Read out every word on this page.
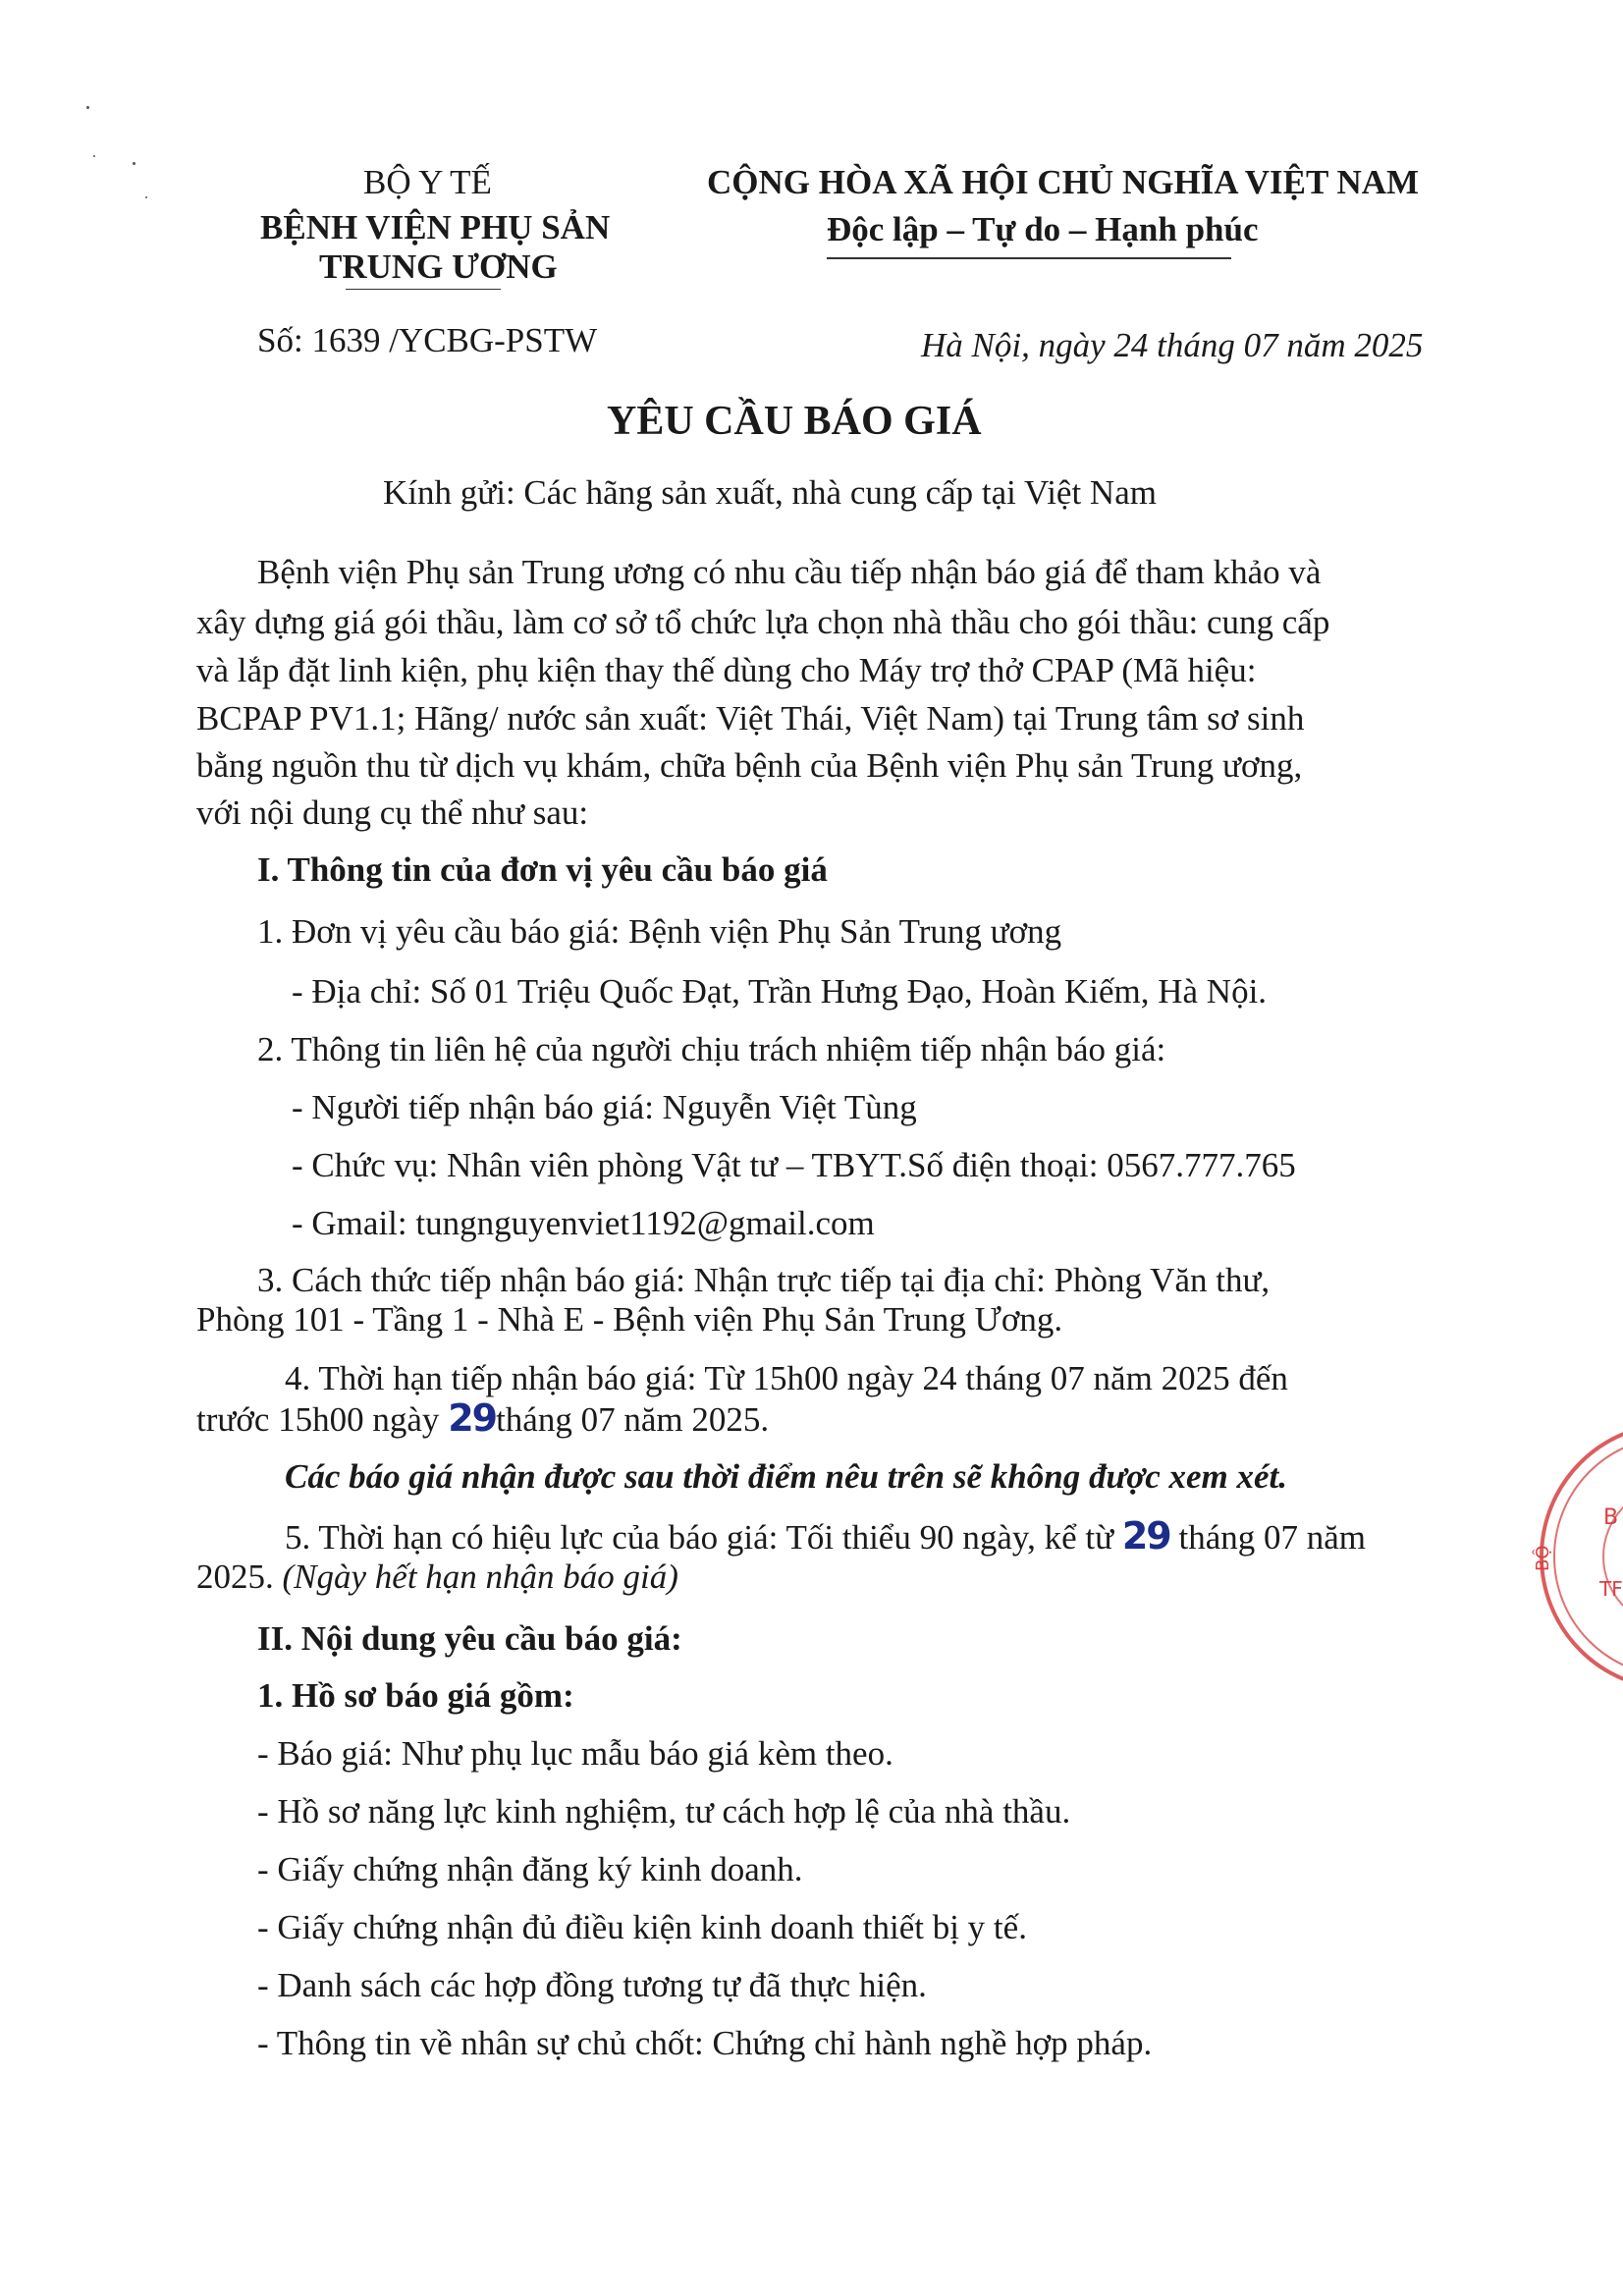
BỘ Y TẾ
BỆNH VIỆN PHỤ SẢN
TRUNG ƯƠNG
CỘNG HÒA XÃ HỘI CHỦ NGHĨA VIỆT NAM
Độc lập – Tự do – Hạnh phúc
Số: 1639 /YCBG-PSTW	Hà Nội, ngày 24 tháng 07 năm 2025
YÊU CẦU BÁO GIÁ
Kính gửi: Các hãng sản xuất, nhà cung cấp tại Việt Nam
Bệnh viện Phụ sản Trung ương có nhu cầu tiếp nhận báo giá để tham khảo và
xây dựng giá gói thầu, làm cơ sở tổ chức lựa chọn nhà thầu cho gói thầu: cung cấp
và lắp đặt linh kiện, phụ kiện thay thế dùng cho Máy trợ thở CPAP (Mã hiệu:
BCPAP PV1.1; Hãng/ nước sản xuất: Việt Thái, Việt Nam) tại Trung tâm sơ sinh
bằng nguồn thu từ dịch vụ khám, chữa bệnh của Bệnh viện Phụ sản Trung ương,
với nội dung cụ thể như sau:
I. Thông tin của đơn vị yêu cầu báo giá
1. Đơn vị yêu cầu báo giá: Bệnh viện Phụ Sản Trung ương
- Địa chỉ: Số 01 Triệu Quốc Đạt, Trần Hưng Đạo, Hoàn Kiếm, Hà Nội.
2. Thông tin liên hệ của người chịu trách nhiệm tiếp nhận báo giá:
- Người tiếp nhận báo giá: Nguyễn Việt Tùng
- Chức vụ: Nhân viên phòng Vật tư – TBYT.Số điện thoại: 0567.777.765
- Gmail: tungnguyenviet1192@gmail.com
3. Cách thức tiếp nhận báo giá: Nhận trực tiếp tại địa chỉ: Phòng Văn thư,
Phòng 101 - Tầng 1 - Nhà E - Bệnh viện Phụ Sản Trung Ương.
4. Thời hạn tiếp nhận báo giá: Từ 15h00 ngày 24 tháng 07 năm 2025 đến
trước 15h00 ngày 29tháng 07 năm 2025.
Các báo giá nhận được sau thời điểm nêu trên sẽ không được xem xét.
5. Thời hạn có hiệu lực của báo giá: Tối thiểu 90 ngày, kể từ 29 tháng 07 năm
2025. (Ngày hết hạn nhận báo giá)
II. Nội dung yêu cầu báo giá:
1. Hồ sơ báo giá gồm:
- Báo giá: Như phụ lục mẫu báo giá kèm theo.
- Hồ sơ năng lực kinh nghiệm, tư cách hợp lệ của nhà thầu.
- Giấy chứng nhận đăng ký kinh doanh.
- Giấy chứng nhận đủ điều kiện kinh doanh thiết bị y tế.
- Danh sách các hợp đồng tương tự đã thực hiện.
- Thông tin về nhân sự chủ chốt: Chứng chỉ hành nghề hợp pháp.
BỘ
B
TF
